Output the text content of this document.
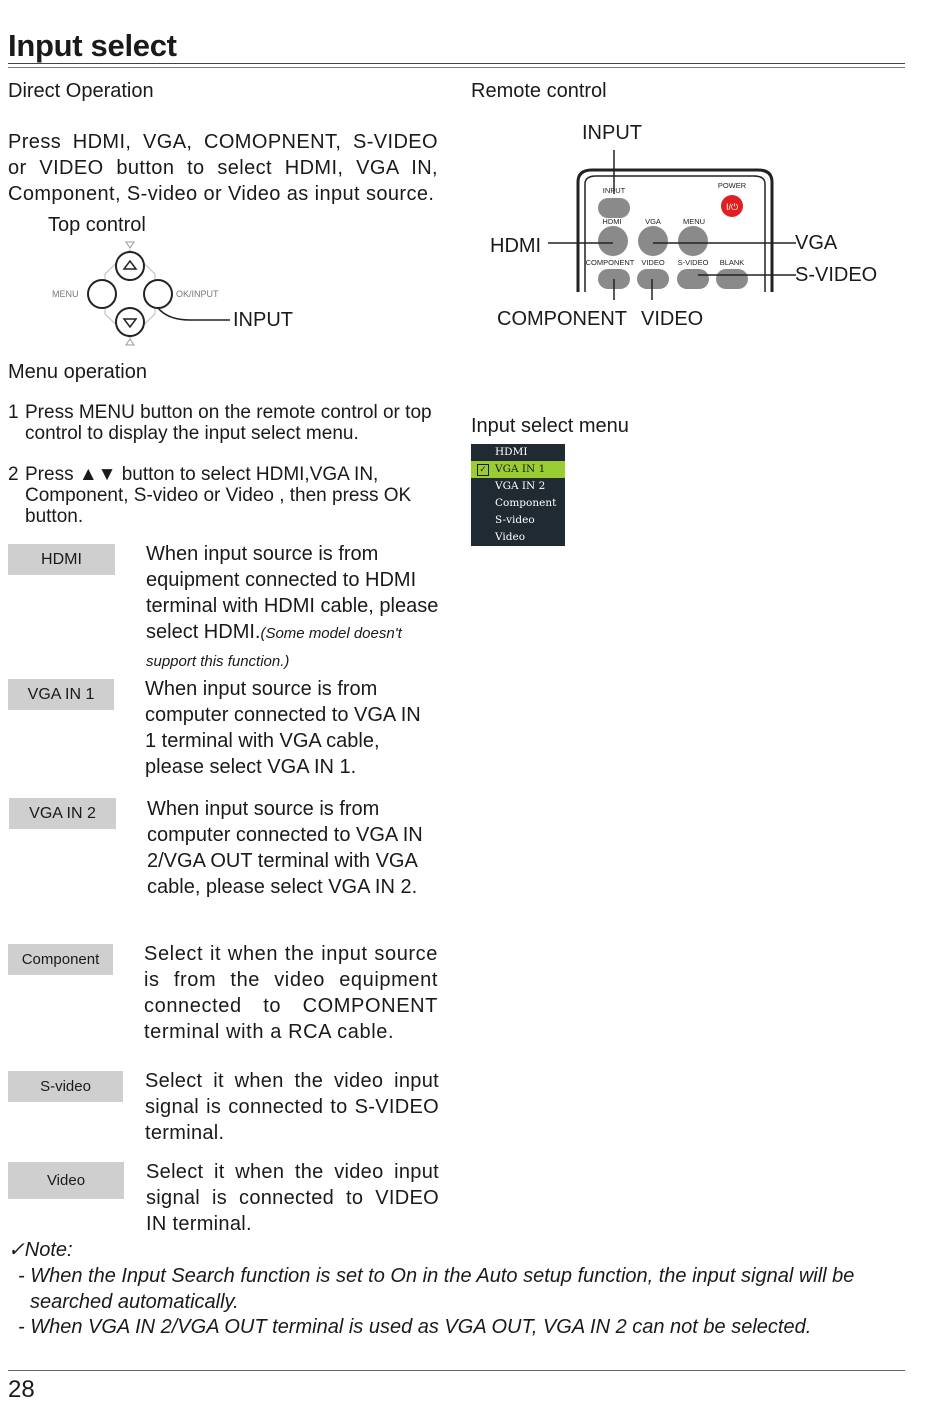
Input select
Direct Operation
Press HDMI, VGA, COMOPNENT, S-VIDEO or VIDEO button to select HDMI, VGA IN, Component, S-video or Video as input source.
Top control
MENU	OK/INPUT
INPUT
Remote control
INPUT
HDMI	VGA
S-VIDEO
COMPONENT VIDEO
INPUT
POWER
I/⏻
HDMI	VGA	MENU
COMPONENT VIDEO S-VIDEO BLANK
Menu operation
1 Press MENU button on the remote control or top control to display the input select menu.
2 Press ▲▼ button to select HDMI,VGA IN, Component, S-video or Video , then press OK button.
Input select menu
HDMI
✓ VGA IN 1
VGA IN 2
Component
S-video
Video
HDMI	When input source is from equipment connected to HDMI terminal with HDMI cable, please select HDMI.(Some model doesn't support this function.)
VGA IN 1	When input source is from computer connected to VGA IN 1 terminal with VGA cable, please select VGA IN 1.
VGA IN 2	When input source is from computer connected to VGA IN 2/VGA OUT terminal with VGA cable, please select VGA IN 2.
Component	Select it when the input source is from the video equipment connected to COMPONENT terminal with a RCA cable.
S-video	Select it when the video input signal is connected to S-VIDEO terminal.
Video	Select it when the video input signal is connected to VIDEO IN terminal.
✓Note:
- When the Input Search function is set to On in the Auto setup function, the input signal will be searched automatically.
- When VGA IN 2/VGA OUT terminal is used as VGA OUT, VGA IN 2 can not be selected.
28
